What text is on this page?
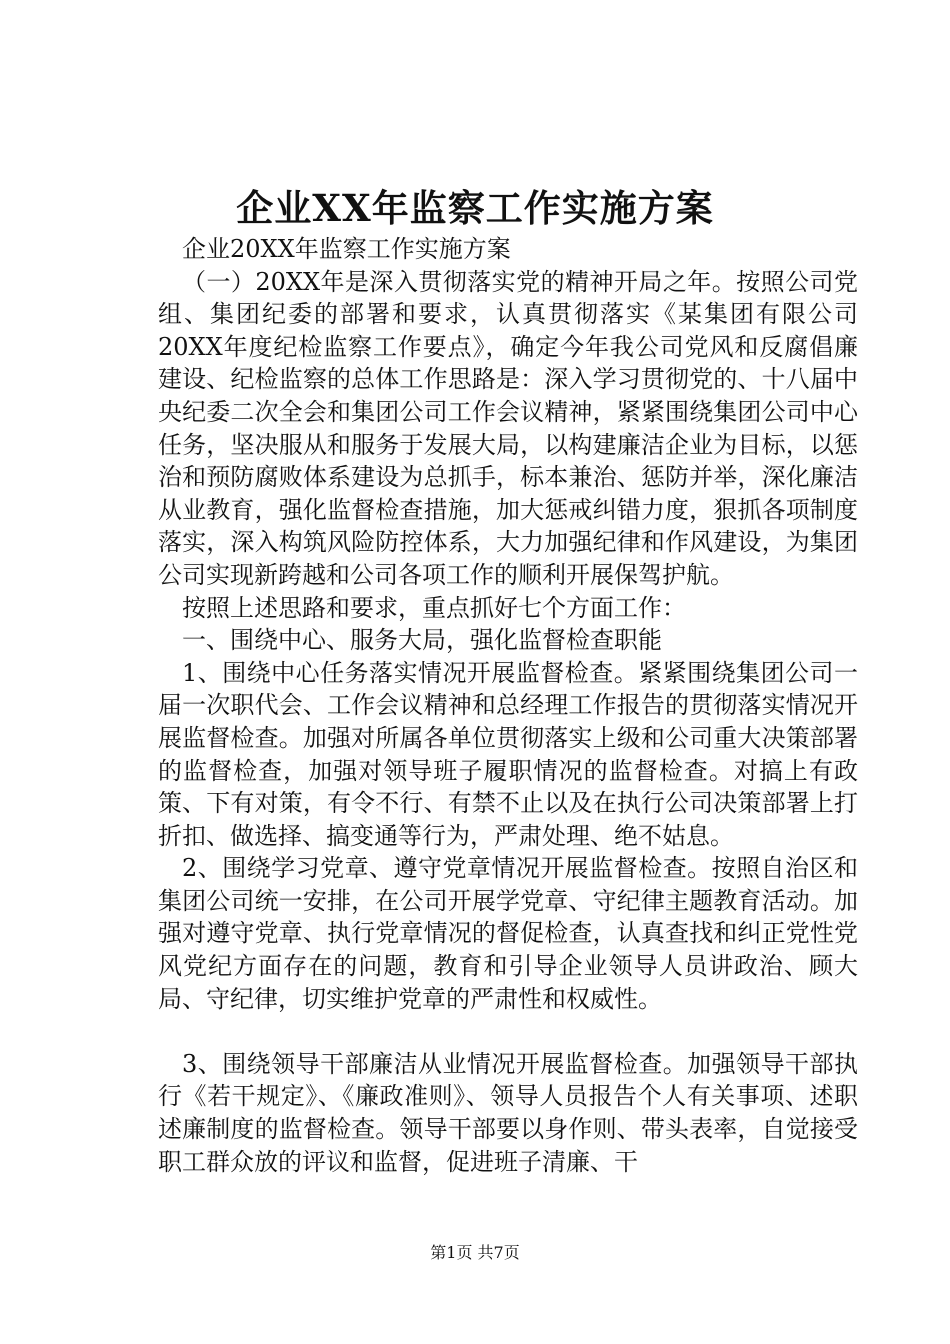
企业XX年监察工作实施方案

企业20XX年监察工作实施方案

（一）20XX年是深入贯彻落实党的精神开局之年。按照公司党组、集团纪委的部署和要求，认真贯彻落实《某集团有限公司20XX年度纪检监察工作要点》，确定今年我公司党风和反腐倡廉建设、纪检监察的总体工作思路是：深入学习贯彻党的、十八届中央纪委二次全会和集团公司工作会议精神，紧紧围绕集团公司中心任务，坚决服从和服务于发展大局，以构建廉洁企业为目标，以惩治和预防腐败体系建设为总抓手，标本兼治、惩防并举，深化廉洁从业教育，强化监督检查措施，加大惩戒纠错力度，狠抓各项制度落实，深入构筑风险防控体系，大力加强纪律和作风建设，为集团公司实现新跨越和公司各项工作的顺利开展保驾护航。

按照上述思路和要求，重点抓好七个方面工作：

一、围绕中心、服务大局，强化监督检查职能

1、围绕中心任务落实情况开展监督检查。紧紧围绕集团公司一届一次职代会、工作会议精神和总经理工作报告的贯彻落实情况开展监督检查。加强对所属各单位贯彻落实上级和公司重大决策部署的监督检查，加强对领导班子履职情况的监督检查。对搞上有政策、下有对策，有令不行、有禁不止以及在执行公司决策部署上打折扣、做选择、搞变通等行为，严肃处理、绝不姑息。

2、围绕学习党章、遵守党章情况开展监督检查。按照自治区和集团公司统一安排，在公司开展学党章、守纪律主题教育活动。加强对遵守党章、执行党章情况的督促检查，认真查找和纠正党性党风党纪方面存在的问题，教育和引导企业领导人员讲政治、顾大局、守纪律，切实维护党章的严肃性和权威性。

3、围绕领导干部廉洁从业情况开展监督检查。加强领导干部执行《若干规定》、《廉政准则》、领导人员报告个人有关事项、述职述廉制度的监督检查。领导干部要以身作则、带头表率，自觉接受职工群众放的评议和监督，促进班子清廉、干

第1页 共7页
